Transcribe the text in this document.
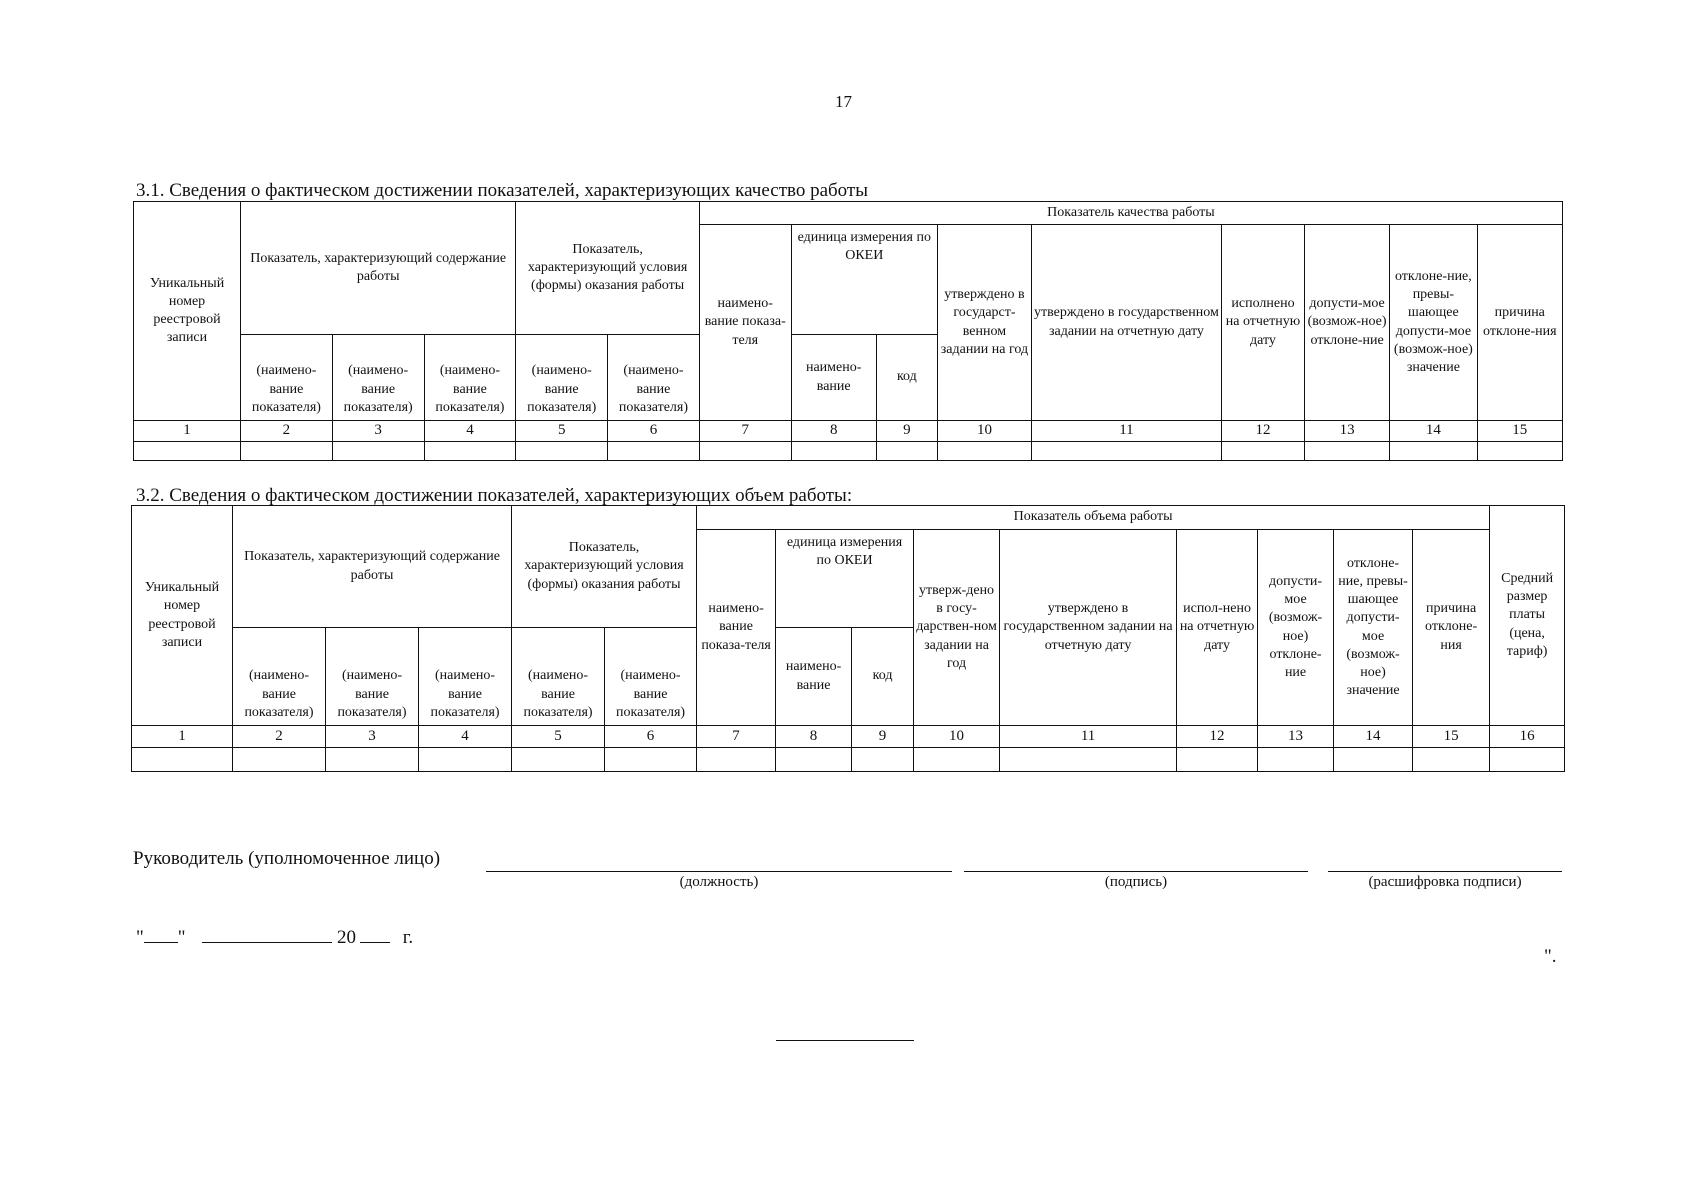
17
3.1. Сведения о фактическом достижении показателей, характеризующих качество работы
Уникальный номер реестровой записи	Показатель, характеризующий содержание работы			Показатель, характеризующий условия (формы) оказания работы		Показатель качества работы								
						наимено-вание показа-теля	единица измерения по ОКЕИ		утверждено в государст-венном задании на год	утверждено в государственном задании на отчетную дату	исполнено на отчетную дату	допусти-мое (возмож-ное) отклоне-ние	отклоне-ние, превы-шающее допусти-мое (возмож-ное) значение	причина отклоне-ния
	(наимено-вание показателя)	(наимено-вание показателя)	(наимено-вание показателя)	(наимено-вание показателя)	(наимено-вание показателя)		наимено-вание	код						
1	2	3	4	5	6	7	8	9	10	11	12	13	14	15

3.2. Сведения о фактическом достижении показателей, характеризующих объем работы:
Уникальный номер реестровой записи	Показатель, характеризующий содержание работы			Показатель, характеризующий условия (формы) оказания работы		Показатель объема работы									Средний размер платы (цена, тариф)
						наимено-вание показа-теля	единица измерения по ОКЕИ		утверж-дено в госу-дарствен-ном задании на год	утверждено в государственном задании на отчетную дату	испол-нено на отчетную дату	допусти-мое (возмож-ное) отклоне-ние	отклоне-ние, превы-шающее допусти-мое (возмож-ное) значение	причина отклоне-ния	
	(наимено-вание показателя)	(наимено-вание показателя)	(наимено-вание показателя)	(наимено-вание показателя)	(наимено-вание показателя)		наимено-вание	код							
1	2	3	4	5	6	7	8	9	10	11	12	13	14	15	16

Руководитель (уполномоченное лицо)
(должность)	(подпись)	(расшифровка подписи)
" "	20 г.
".
